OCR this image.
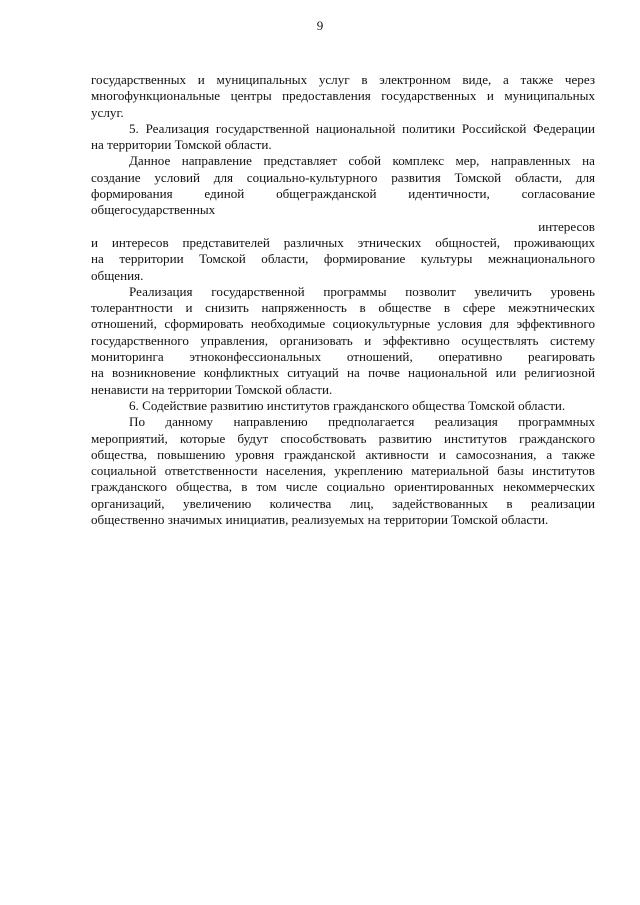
9
государственных и муниципальных услуг в электронном виде, а также через
многофункциональные центры предоставления государственных и муниципальных
услуг.
5. Реализация государственной национальной политики Российской Федерации
на территории Томской области.
Данное направление представляет собой комплекс мер, направленных на
создание условий для социально-культурного развития Томской области, для
формирования единой общегражданской идентичности, согласование
общегосударственных
интересов
и интересов представителей различных этнических общностей, проживающих
на территории Томской области, формирование культуры межнационального
общения.
Реализация государственной программы позволит увеличить уровень
толерантности и снизить напряженность в обществе в сфере межэтнических
отношений, сформировать необходимые социокультурные условия для эффективного
государственного управления, организовать и эффективно осуществлять систему
мониторинга этноконфессиональных отношений, оперативно реагировать
на возникновение конфликтных ситуаций на почве национальной или религиозной
ненависти на территории Томской области.
6. Содействие развитию институтов гражданского общества Томской области.
По данному направлению предполагается реализация программных
мероприятий, которые будут способствовать развитию институтов гражданского
общества, повышению уровня гражданской активности и самосознания, а также
социальной ответственности населения, укреплению материальной базы институтов
гражданского общества, в том числе социально ориентированных некоммерческих
организаций, увеличению количества лиц, задействованных в реализации
общественно значимых инициатив, реализуемых на территории Томской области.
